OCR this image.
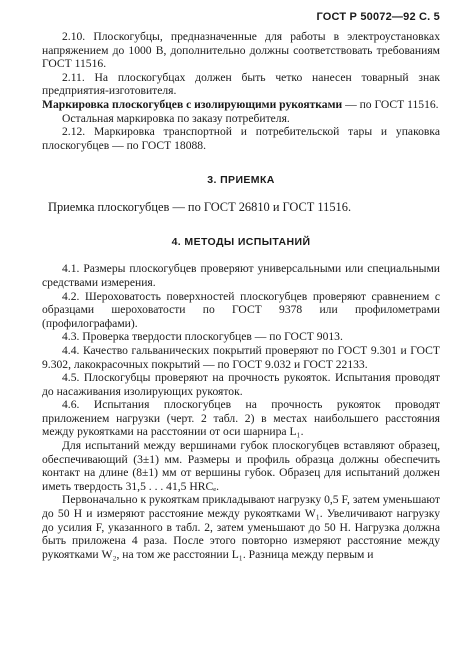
ГОСТ Р 50072—92 С. 5

2.10. Плоскогубцы, предназначенные для работы в электроустановках напряжением до 1000 В, дополнительно должны соответствовать требованиям ГОСТ 11516.

2.11. На плоскогубцах должен быть четко нанесен товарный знак предприятия-изготовителя.

Маркировка плоскогубцев с изолирующими рукоятками — по ГОСТ 11516.

Остальная маркировка по заказу потребителя.

2.12. Маркировка транспортной и потребительской тары и упаковка плоскогубцев — по ГОСТ 18088.

3. ПРИЕМКА

Приемка плоскогубцев — по ГОСТ 26810 и ГОСТ 11516.

4. МЕТОДЫ ИСПЫТАНИЙ

4.1. Размеры плоскогубцев проверяют универсальными или специальными средствами измерения.

4.2. Шероховатость поверхностей плоскогубцев проверяют сравнением с образцами шероховатости по ГОСТ 9378 или профилометрами (профилографами).

4.3. Проверка твердости плоскогубцев — по ГОСТ 9013.

4.4. Качество гальванических покрытий проверяют по ГОСТ 9.301 и ГОСТ 9.302, лакокрасочных покрытий — по ГОСТ 9.032 и ГОСТ 22133.

4.5. Плоскогубцы проверяют на прочность рукояток. Испытания проводят до насаживания изолирующих рукояток.

4.6. Испытания плоскогубцев на прочность рукояток проводят приложением нагрузки (черт. 2 табл. 2) в местах наибольшего расстояния между рукоятками на расстоянии от оси шарнира L₁.

Для испытаний между вершинами губок плоскогубцев вставляют образец, обеспечивающий (3±1) мм. Размеры и профиль образца должны обеспечить контакт на длине (8±1) мм от вершины губок. Образец для испытаний должен иметь твердость 31,5 . . . 41,5 HRCₑ.

Первоначально к рукояткам прикладывают нагрузку 0,5 F, затем уменьшают до 50 Н и измеряют расстояние между рукоятками W₁. Увеличивают нагрузку до усилия F, указанного в табл. 2, затем уменьшают до 50 Н. Нагрузка должна быть приложена 4 раза. После этого повторно измеряют расстояние между рукоятками W₂, на том же расстоянии L₁. Разница между первым и
